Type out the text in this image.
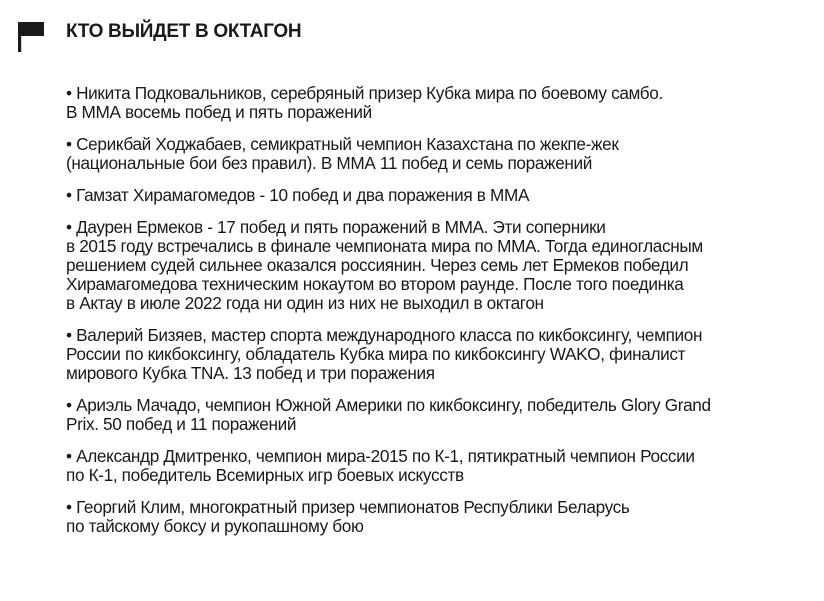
КТО ВЫЙДЕТ В ОКТАГОН
• Никита Подковальников, серебряный призер Кубка мира по боевому самбо.
В ММА восемь побед и пять поражений
• Серикбай Ходжабаев, семикратный чемпион Казахстана по жекпе-жек
(национальные бои без правил). В ММА 11 побед и семь поражений
• Гамзат Хирамагомедов - 10 побед и два поражения в ММА
• Даурен Ермеков - 17 побед и пять поражений в ММА. Эти соперники
в 2015 году встречались в финале чемпионата мира по ММА. Тогда единогласным
решением судей сильнее оказался россиянин. Через семь лет Ермеков победил
Хирамагомедова техническим нокаутом во втором раунде. После того поединка
в Актау в июле 2022 года ни один из них не выходил в октагон
• Валерий Бизяев, мастер спорта международного класса по кикбоксингу, чемпион
России по кикбоксингу, обладатель Кубка мира по кикбоксингу WAKO, финалист
мирового Кубка TNA. 13 побед и три поражения
• Ариэль Мачадо, чемпион Южной Америки по кикбоксингу, победитель Glory Grand
Prix. 50 побед и 11 поражений
• Александр Дмитренко, чемпион мира-2015 по К-1, пятикратный чемпион России
по К-1, победитель Всемирных игр боевых искусств
• Георгий Клим, многократный призер чемпионатов Республики Беларусь
по тайскому боксу и рукопашному бою
